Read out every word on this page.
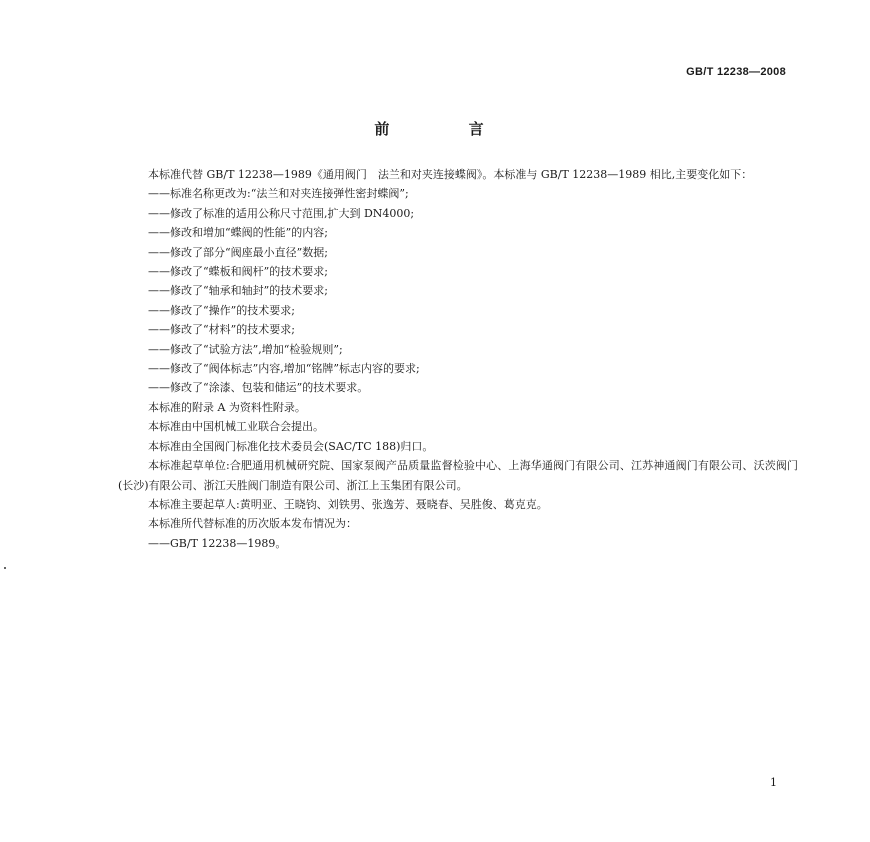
GB/T 12238—2008
前 言

本标准代替 GB/T 12238—1989《通用阀门　法兰和对夹连接蝶阀》。本标准与 GB/T 12238—1989 相比,主要变化如下：

——标准名称更改为:“法兰和对夹连接弹性密封蝶阀”;

——修改了标准的适用公称尺寸范围,扩大到 DN4000;

——修改和增加“蝶阀的性能”的内容;

——修改了部分“阀座最小直径”数据;

——修改了“蝶板和阀杆”的技术要求;

——修改了“轴承和轴封”的技术要求;

——修改了“操作”的技术要求;

——修改了“材料”的技术要求;

——修改了“试验方法”,增加“检验规则”;

——修改了“阀体标志”内容,增加“铭牌”标志内容的要求;

——修改了“涂漆、包装和储运”的技术要求。

本标准的附录 A 为资料性附录。

本标准由中国机械工业联合会提出。

本标准由全国阀门标准化技术委员会(SAC/TC 188)归口。

本标准起草单位:合肥通用机械研究院、国家泵阀产品质量监督检验中心、上海华通阀门有限公司、江苏神通阀门有限公司、沃茨阀门(长沙)有限公司、浙江天胜阀门制造有限公司、浙江上玉集团有限公司。

本标准主要起草人:黄明亚、王晓钧、刘铁男、张逸芳、聂晓春、吴胜俊、葛克克。

本标准所代替标准的历次版本发布情况为：

——GB/T 12238—1989。

1
